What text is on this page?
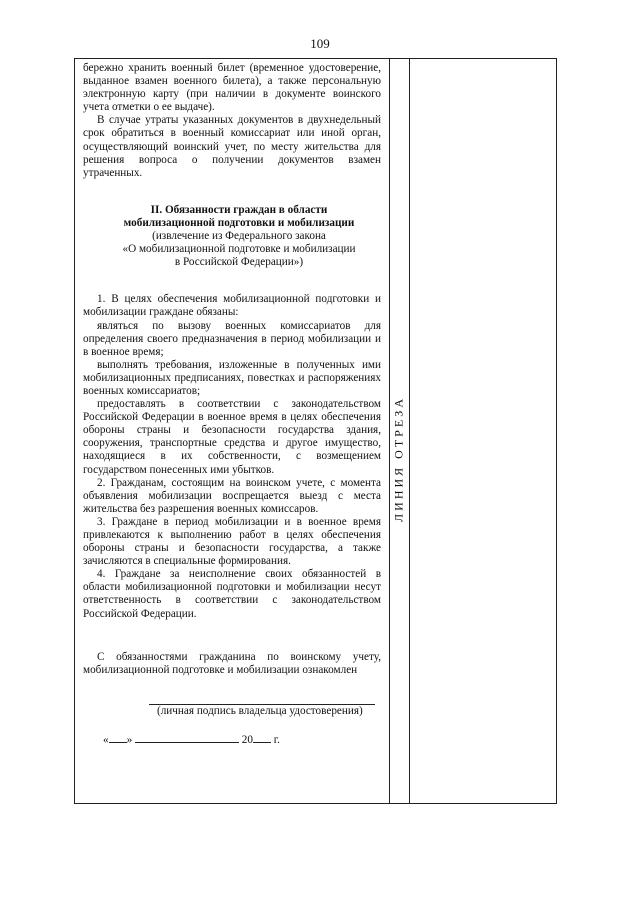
109

бережно хранить военный билет (временное удостоверение, выданное взамен военного билета), а также персональную электронную карту (при наличии в документе воинского учета отметки о ее выдаче).

В случае утраты указанных документов в двухнедельный срок обратиться в военный комиссариат или иной орган, осуществляющий воинский учет, по месту жительства для решения вопроса о получении документов взамен утраченных.

II. Обязанности граждан в области

мобилизационной подготовки и мобилизации

(извлечение из Федерального закона

«О мобилизационной подготовке и мобилизации

в Российской Федерации»)

1. В целях обеспечения мобилизационной подготовки и мобилизации граждане обязаны:

являться по вызову военных комиссариатов для определения своего предназначения в период мобилизации и в военное время;

выполнять требования, изложенные в полученных ими мобилизационных предписаниях, повестках и распоряжениях военных комиссариатов;

предоставлять в соответствии с законодательством Российской Федерации в военное время в целях обеспечения обороны страны и безопасности государства здания, сооружения, транспортные средства и другое имущество, находящиеся в их собственности, с возмещением государством понесенных ими убытков.

2. Гражданам, состоящим на воинском учете, с момента объявления мобилизации воспрещается выезд с места жительства без разрешения военных комиссаров.

3. Граждане в период мобилизации и в военное время привлекаются к выполнению работ в целях обеспечения обороны страны и безопасности государства, а также зачисляются в специальные формирования.

4. Граждане за неисполнение своих обязанностей в области мобилизационной подготовки и мобилизации несут ответственность в соответствии с законодательством Российской Федерации.

С обязанностями гражданина по воинскому учету, мобилизационной подготовке и мобилизации ознакомлен

(личная подпись владельца удостоверения)
« »	20 г.
ЛИНИЯ ОТРЕЗА
